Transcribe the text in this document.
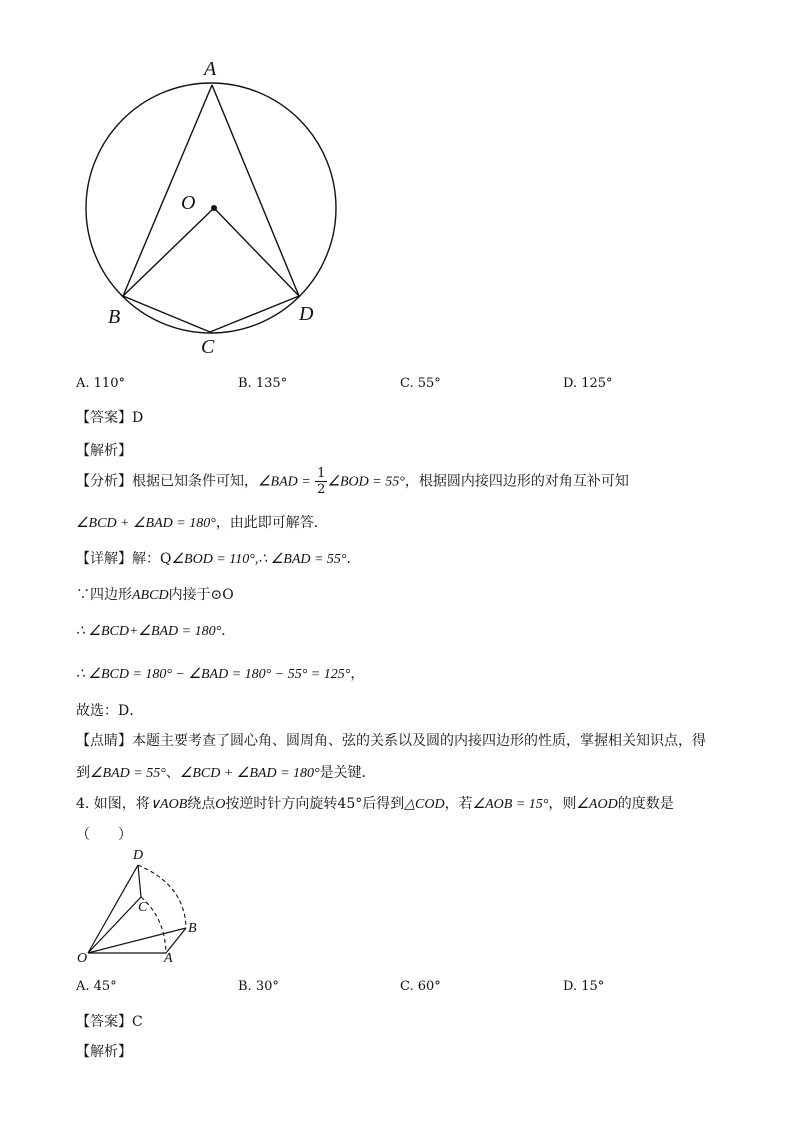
A
O
B
C
D
A. 110°	B. 135°	C. 55°	D. 125°
【答案】D
【解析】
【分析】根据已知条件可知，∠BAD = $\frac{1}{2}$ ∠BOD = 55°，根据圆内接四边形的对角互补可知
∠BCD + ∠BAD = 180°，由此即可解答．
【详解】解：Q∠BOD = 110°,∴ ∠BAD = 55°．
∵四边形ABCD内接于⊙O
∴ ∠BCD+∠BAD = 180°．
∴ ∠BCD = 180° − ∠BAD = 180° − 55° = 125°，
故选：D．
【点睛】本题主要考查了圆心角、圆周角、弦的关系以及圆的内接四边形的性质，掌握相关知识点，得
到∠BAD = 55°、∠BCD + ∠BAD = 180°是关键．
4. 如图，将∨AOB绕点O按逆时针方向旋转45°后得到△COD，若∠AOB = 15°，则∠AOD的度数是
（　　）
D
C
B
O	A
A. 45°	B. 30°	C. 60°	D. 15°
【答案】C
【解析】
